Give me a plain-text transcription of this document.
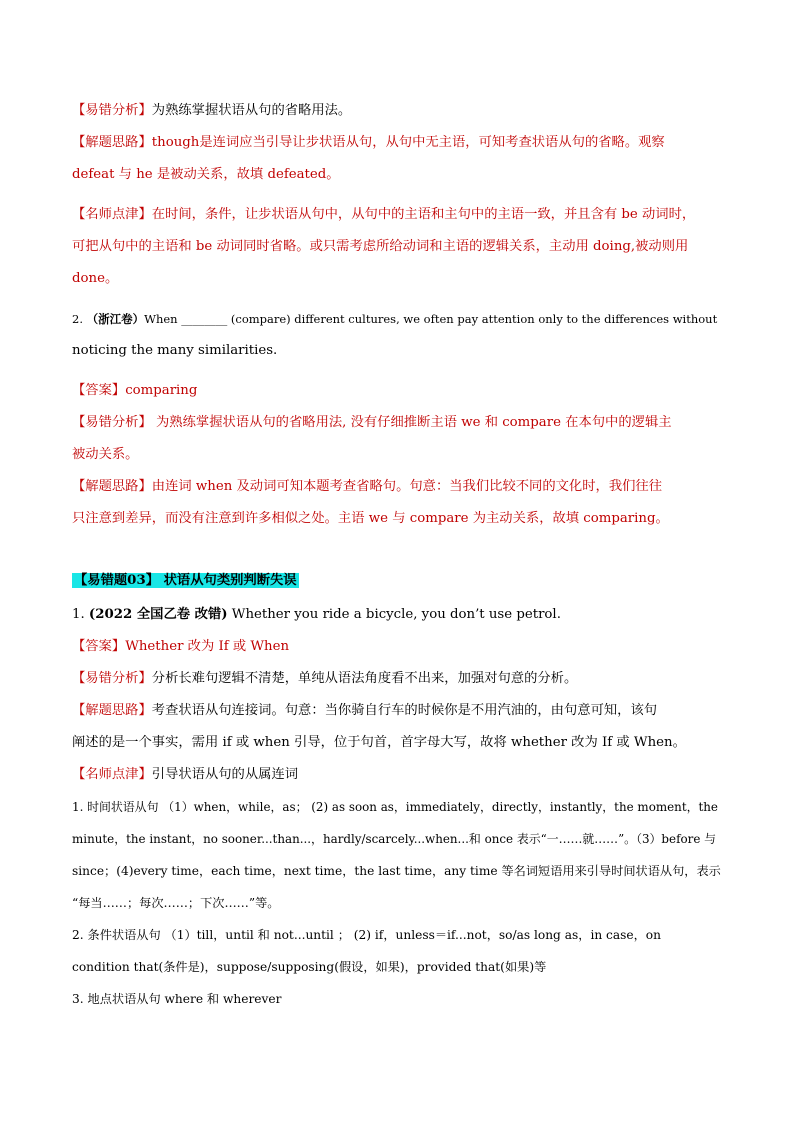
【易错分析】为熟练掌握状语从句的省略用法。
【解题思路】though是连词应当引导让步状语从句，从句中无主语，可知考查状语从句的省略。观察
defeat 与 he 是被动关系，故填 defeated。
【名师点津】在时间，条件，让步状语从句中，从句中的主语和主句中的主语一致，并且含有 be 动词时，
可把从句中的主语和 be 动词同时省略。或只需考虑所给动词和主语的逻辑关系，主动用 doing,被动则用
done。
2. （浙江卷）When ________ (compare) different cultures, we often pay attention only to the differences without
noticing the many similarities.
【答案】comparing
【易错分析】 为熟练掌握状语从句的省略用法, 没有仔细推断主语 we 和 compare 在本句中的逻辑主
被动关系。
【解题思路】由连词 when 及动词可知本题考查省略句。句意：当我们比较不同的文化时，我们往往
只注意到差异，而没有注意到许多相似之处。主语 we 与 compare 为主动关系，故填 comparing。
【易错题03】 状语从句类别判断失误
1. (2022 全国乙卷 改错) Whether you ride a bicycle, you don’t use petrol.
【答案】Whether 改为 If 或 When
【易错分析】分析长难句逻辑不清楚，单纯从语法角度看不出来，加强对句意的分析。
【解题思路】考查状语从句连接词。句意：当你骑自行车的时候你是不用汽油的，由句意可知，该句
阐述的是一个事实，需用 if 或 when 引导，位于句首，首字母大写，故将 whether 改为 If 或 When。
【名师点津】引导状语从句的从属连词
1. 时间状语从句 （1）when，while，as； (2) as soon as，immediately，directly，instantly，the moment，the
minute，the instant，no sooner...than...，hardly/scarcely...when...和 once 表示“一……就……”。（3）before 与
since；(4)every time，each time，next time，the last time，any time 等名词短语用来引导时间状语从句，表示
“每当……；每次……；下次……”等。
2. 条件状语从句 （1）till，until 和 not...until ； (2) if，unless＝if...not，so/as long as，in case，on
condition that(条件是)，suppose/supposing(假设，如果)，provided that(如果)等
3. 地点状语从句 where 和 wherever
